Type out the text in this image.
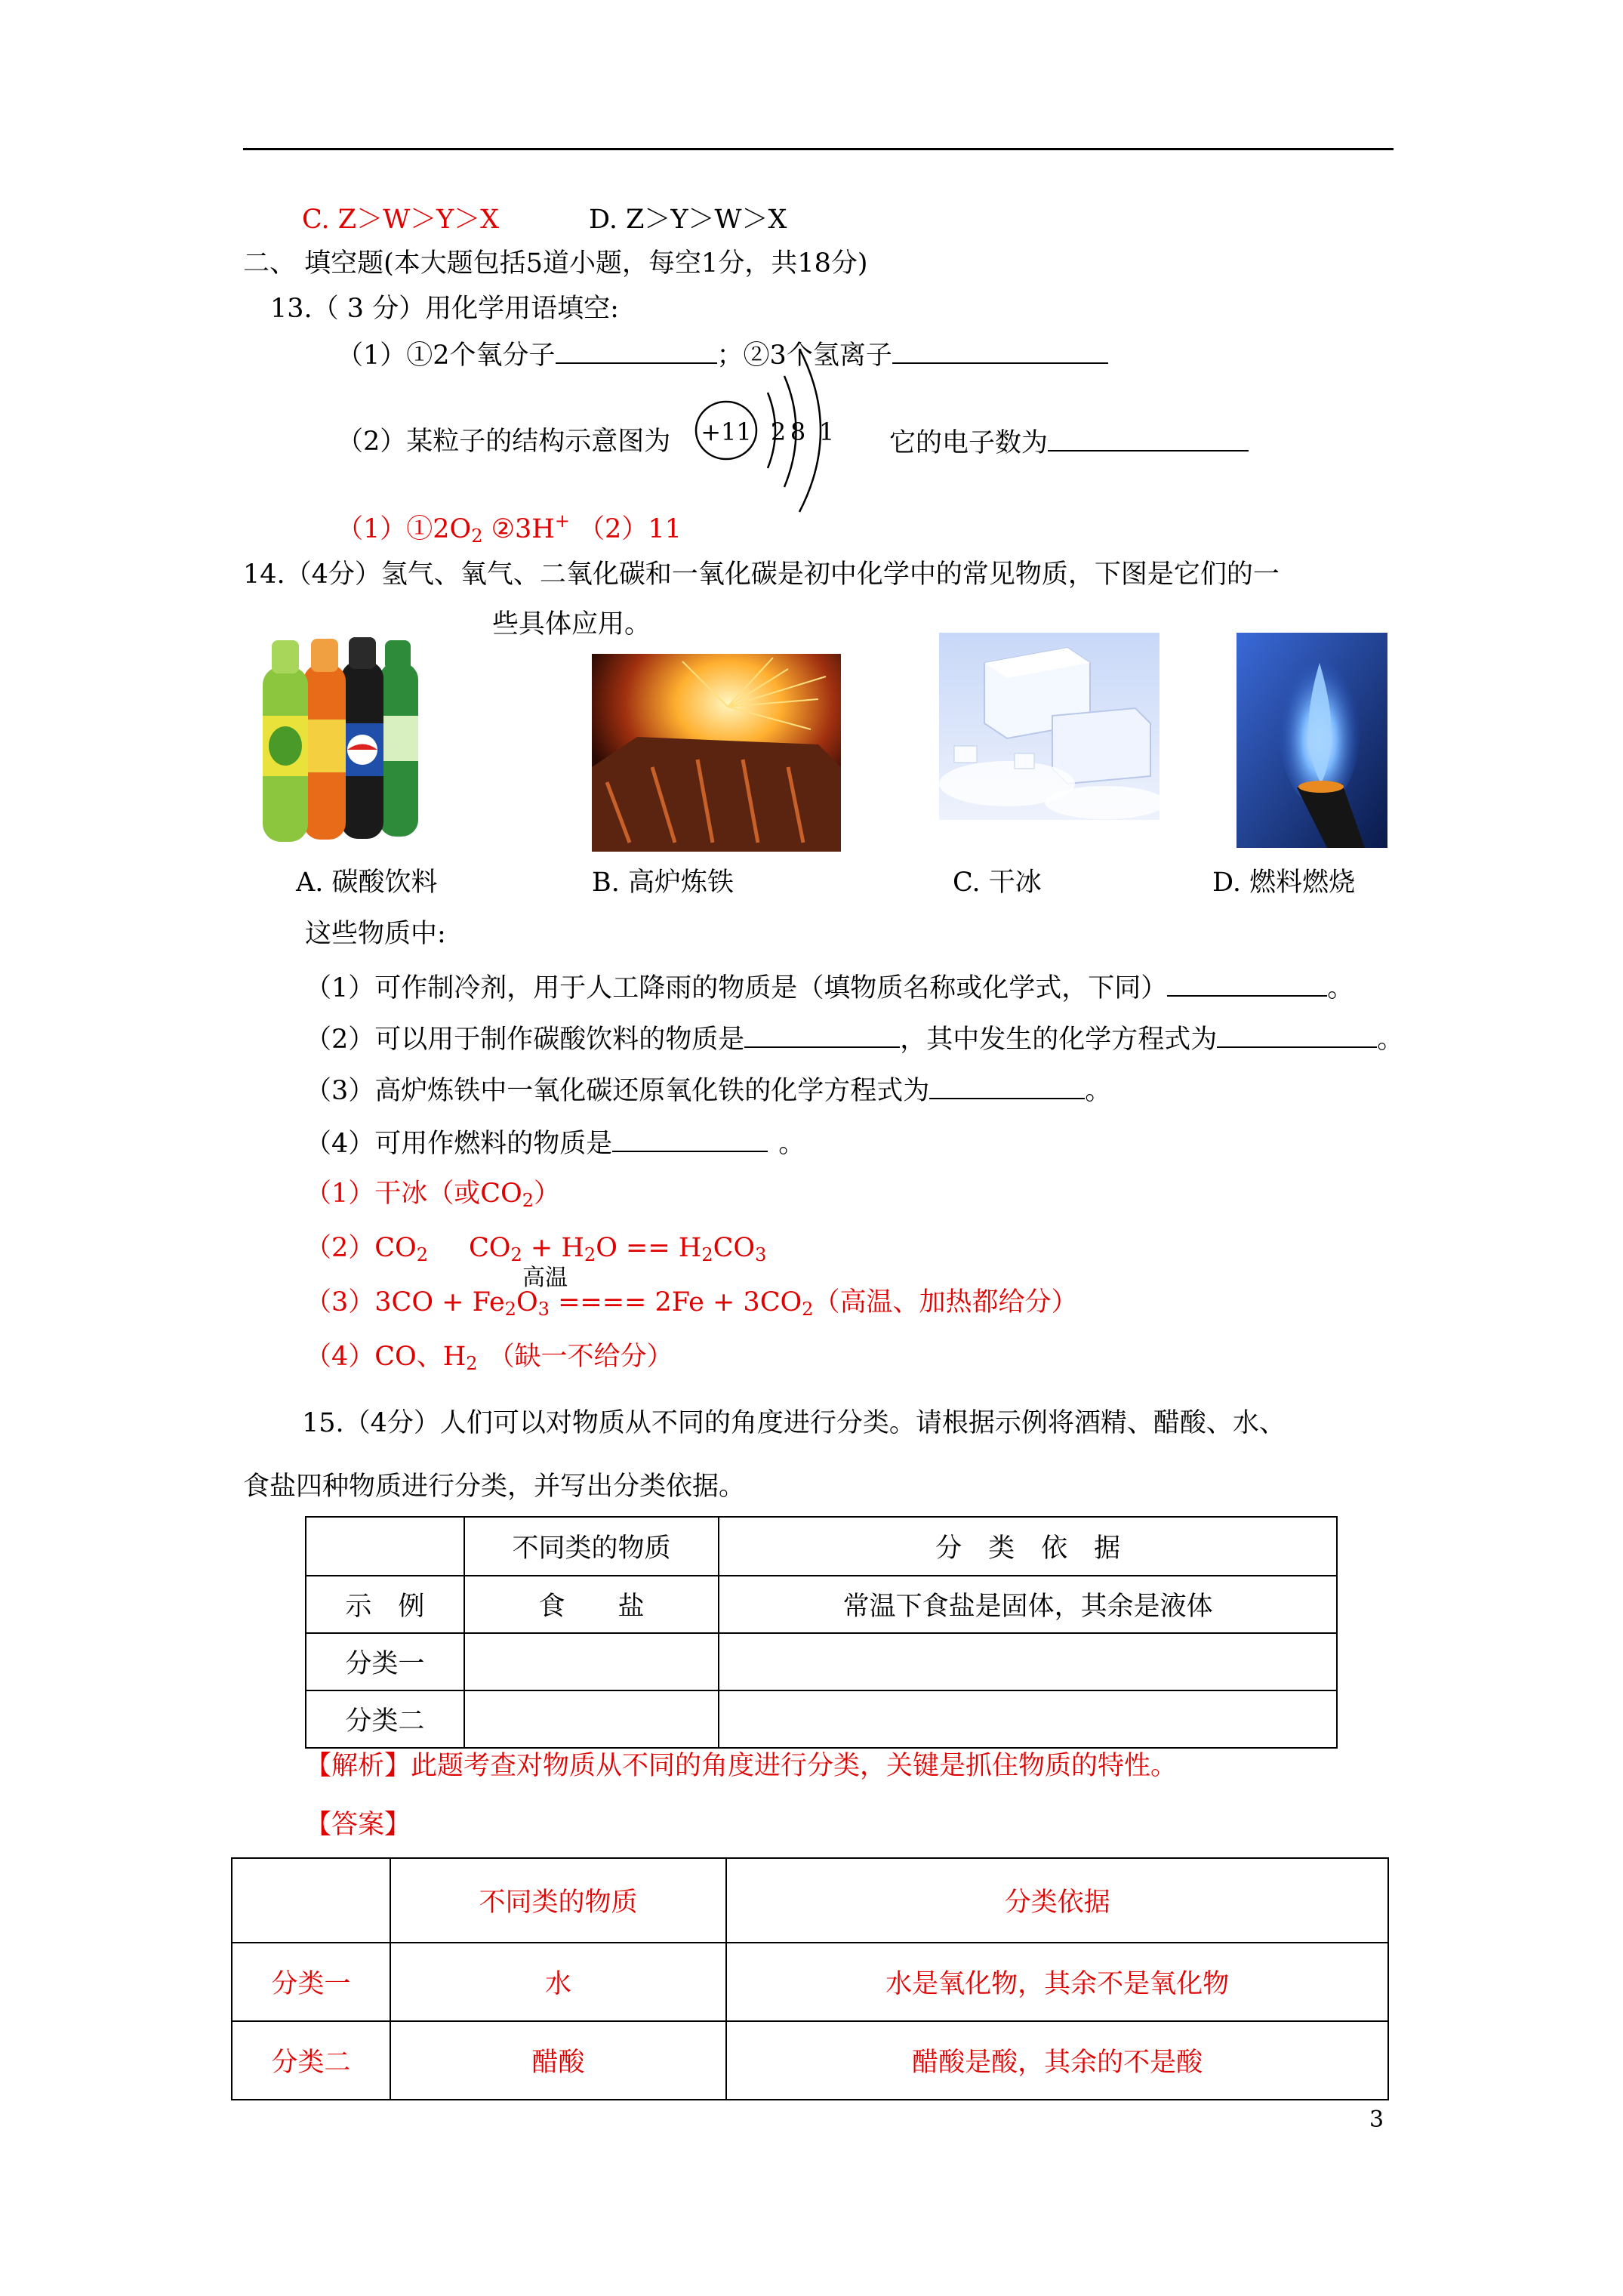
C. Z＞W＞Y＞X	D. Z＞Y＞W＞X
二、 填空题(本大题包括5道小题，每空1分，共18分)
13.（ 3 分）用化学用语填空:
（1）①2个氧分子	；②3个氢离子
（2）某粒子的结构示意图为 +11 2 8 1 它的电子数为
$(1)①2O_2$ ②3H+ （2）11
14.（4分）氢气、氧气、二氧化碳和一氧化碳是初中化学中的常见物质，下图是它们的一
些具体应用。
A. 碳酸饮料	B. 高炉炼铁	C. 干冰	D. 燃料燃烧
这些物质中:
（1）可作制冷剂，用于人工降雨的物质是（填物质名称或化学式，下同）	。
（2）可以用于制作碳酸饮料的物质是	，其中发生的化学方程式为	。
（3）高炉炼铁中一氧化碳还原氧化铁的化学方程式为	。
（4）可用作燃料的物质是	。
（1）干冰（或$CO_2$）
$(2)CO_2$ $CO_2 + H_2O == H_2CO_3$
高温
$(3)3CO + Fe_2O_3$ ==== $2Fe + 3CO_2$（高温、加热都给分）
（4）CO、$H_2$ （缺一不给分）
15.（4分）人们可以对物质从不同的角度进行分类。请根据示例将酒精、醋酸、水、
食盐四种物质进行分类，并写出分类依据。
	不同类的物质	分　类　依　据
示　例	食　　盐	常温下食盐是固体，其余是液体
分类一		
分类二		
【解析】此题考查对物质从不同的角度进行分类，关键是抓住物质的特性。
【答案】
	不同类的物质	分类依据
分类一	水	水是氧化物，其余不是氧化物
分类二	醋酸	醋酸是酸，其余的不是酸
3
